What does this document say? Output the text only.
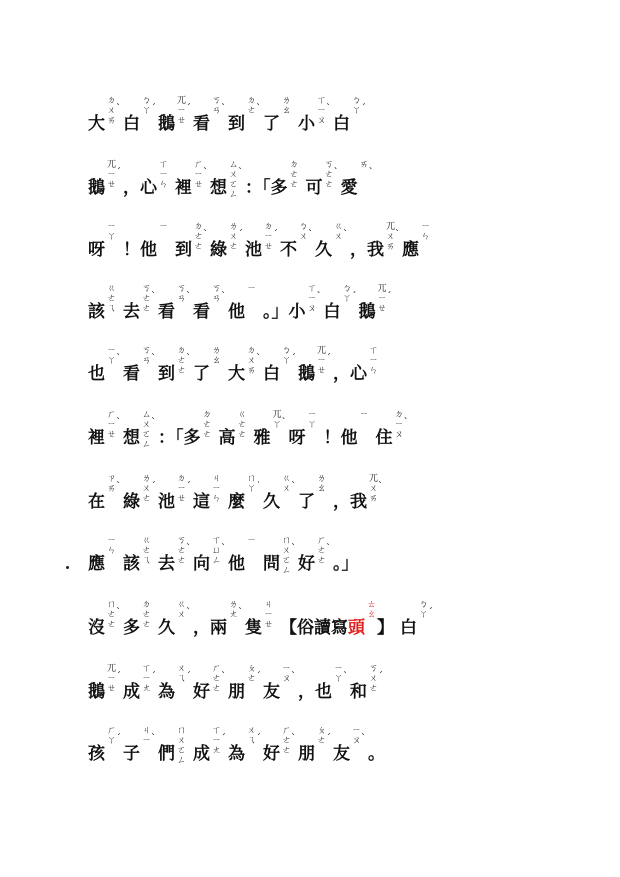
大ㄉㄨㄞ
ˋ
白ㄅㄚ ˊ
鵝ㄫㄧㄝ
ˊ
看ㄎㄢ ˋ
到ㄉㄜ ˋ
了ㄌㄠ小ㄒㄧㄡ
ˋ
白ㄅㄚ ˊ
鵝ㄫㄧㄝ
ˊ
，心ㄒㄧㄣ 裡ㄏㄧㄝ
ˋ
想ㄙㄨㄛㄥ
ˋ
：「多ㄉㄜㄜ 可ㄎㄜㄜ
ˋ
愛ㄞ
ˋ
呀ㄧㄚ！他ㄧ到ㄉㄜㄜ
ˋ
綠ㄌㄨㄜ
ˊ
池ㄉㄧㄝ
ˊ
不ㄅㄨ ˋ
久ㄍㄨ ˋ
，我ㄫㄨㄞ
ˋ
應ㄧㄣ
該ㄍㄜㄟ 去ㄎㄜㄜ
ˋ
看ㄎㄢ ˋ
看ㄎㄢ ˋ
他ㄧ。」小ㄒㄧㄡ
ˋ
白ㄅㄚ ˊ
鵝ㄫㄧㄝ
ˊ
也ㄧㄚ ˋ
看ㄎㄢ ˋ
到ㄉㄜㄜ
ˋ
了ㄌㄠ大ㄉㄨㄞ
ˋ
白ㄅㄚ ˊ
鵝ㄫㄧㄝ
ˊ
，心ㄒㄧㄣ
裡ㄏㄧㄝ
ˋ
想ㄙㄨㄛㄥ
ˋ
：「多ㄉㄜㄜ 高ㄍㄜㄜ 雅ㄫㄚ ˋ
呀ㄧㄚ！他ㄧ住ㄉㄧㄡ
ˋ
在ㄗㄞ ˋ
綠ㄌㄨㄜ
ˊ
池ㄉㄧㄝ
ˊ
這ㄐㄧㄣ 麼ㄇㄚ ˙
久ㄍㄨ ˋ
了ㄌㄠ，我ㄫㄨㄞ
ˋ
應ㄧㄣ該ㄍㄜㄟ 去ㄎㄜㄜ
ˋ
向ㄒㄩㄥ
ˋ
他ㄧ問ㄇㄨㄛㄥ
ˋ
好ㄏㄜㄜ
ˋ
。」
沒ㄇㄜㄜ
ˋ
多ㄉㄜㄜ 久ㄍㄨ ˋ
，兩ㄌㄤ ˋ
隻ㄐㄧㄝ 【俗讀寫頭ㄊㄠ】 白ㄅㄚ ˊ
鵝ㄫㄧㄝ
ˊ
成ㄒㄧㄤ
ˊ
為ㄨㄟ ˊ
好ㄏㄜㄜ
ˋ
朋ㄆㄜ ˊ
友ㄧㄡ ˋ
，也ㄧㄚ ˋ
和ㄎㄨㄜ
ˊ
孩ㄏㄚ ˊ
子ㄐㄧ ˋ
們ㄇㄨㄛㄥ 成ㄒㄧㄤ
ˊ
為ㄨㄟ ˊ
好ㄏㄜㄜ
ˋ
朋ㄆㄜ ˊ
友ㄧㄡ ˋ
。
